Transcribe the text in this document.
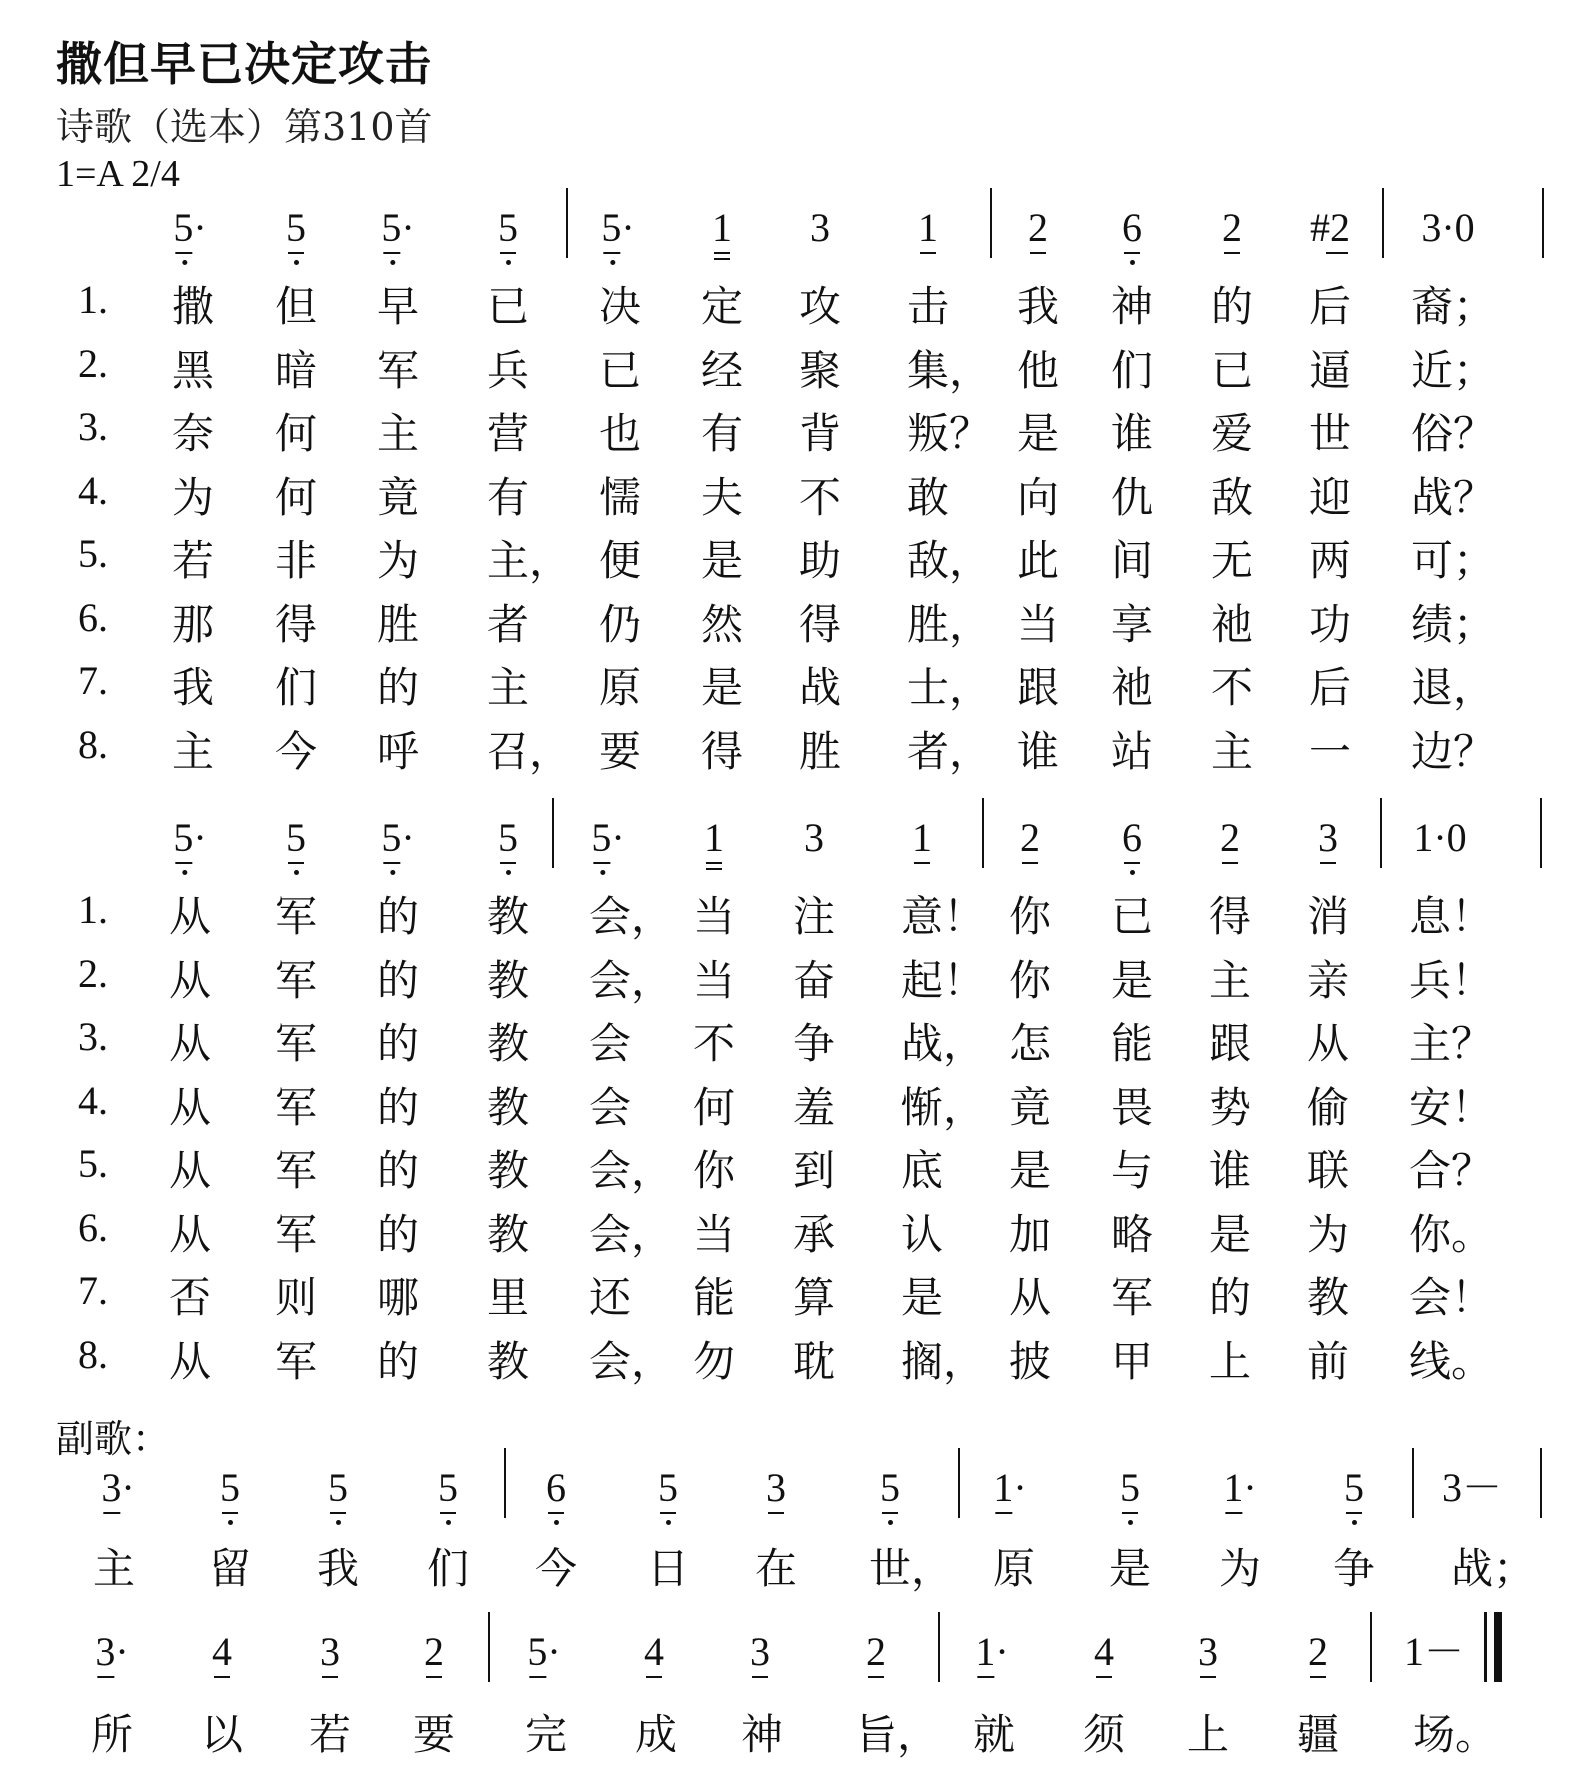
撒但早已决定攻击
诗歌（选本）第310首
1=A 2/4
5· 5 5· 5 5· 1 3 1 2 6 2 #2 3·0
1. 撒 但 早 已 决 定 攻 击 我 神 的 后 裔 ；
2. 黑 暗 军 兵 已 经 聚 集， 他 们 已 逼 近 ；
3. 奈 何 主 营 也 有 背 叛？ 是 谁 爱 世 俗 ？
4. 为 何 竟 有 懦 夫 不 敢 向 仇 敌 迎 战 ？
5. 若 非 为 主， 便 是 助 敌， 此 间 无 两 可 ；
6. 那 得 胜 者 仍 然 得 胜， 当 享 祂 功 绩 ；
7. 我 们 的 主 原 是 战 士， 跟 祂 不 后 退 ，
8. 主 今 呼 召， 要 得 胜 者， 谁 站 主 一 边 ？
5· 5 5· 5 5· 1 3 1 2 6 2 3 1·0
1. 从 军 的 教 会， 当 注 意！ 你 已 得 消 息 ！
2. 从 军 的 教 会， 当 奋 起！ 你 是 主 亲 兵 ！
3. 从 军 的 教 会 不 争 战， 怎 能 跟 从 主 ？
4. 从 军 的 教 会 何 羞 惭， 竟 畏 势 偷 安 ！
5. 从 军 的 教 会， 你 到 底 是 与 谁 联 合 ？
6. 从 军 的 教 会， 当 承 认 加 略 是 为 你 。
7. 否 则 哪 里 还 能 算 是 从 军 的 教 会 ！
8. 从 军 的 教 会， 勿 耽 搁， 披 甲 上 前 线 。
3· 5 5 5 6 5 3 5 1· 5 1· 5 3－
主 留 我 们 今 日 在 世， 原 是 为 争 战；
3· 4 3 2 5· 4 3 2 1· 4 3 2 1－
所 以 若 要 完 成 神 旨， 就 须 上 疆 场。
副歌：
